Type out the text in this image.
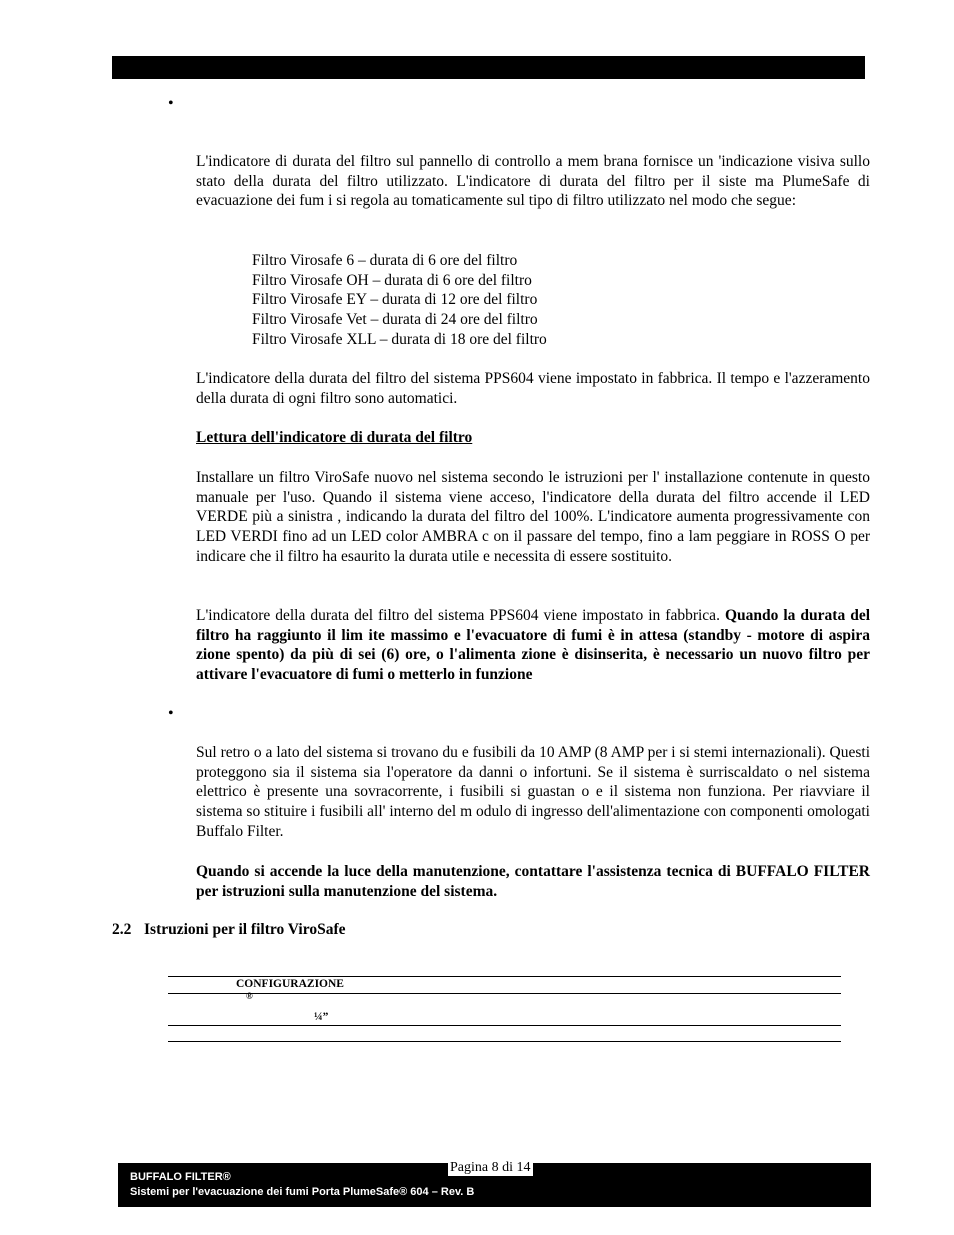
•

L'indicatore di durata del filtro sul pannello di controllo a mem brana fornisce un 'indicazione visiva sullo stato della durata del filtro utilizzato. L'indicatore di durata del filtro per il siste ma PlumeSafe di evacuazione dei fum i si regola au tomaticamente sul tipo di filtro utilizzato nel modo che segue:

Filtro Virosafe 6 – durata di 6 ore del filtro
Filtro Virosafe OH – durata di 6 ore del filtro
Filtro Virosafe EY – durata di 12 ore del filtro
Filtro Virosafe Vet – durata di 24 ore del filtro
Filtro Virosafe XLL – durata di 18 ore del filtro

L'indicatore della durata del filtro del sistema PPS604 viene impostato in fabbrica. Il tempo e l'azzeramento della durata di ogni filtro sono automatici.

Lettura dell'indicatore di durata del filtro

Installare un filtro ViroSafe nuovo nel sistema secondo le istruzioni per l' installazione contenute in questo manuale per l'uso. Quando il sistema viene acceso, l'indicatore della durata del filtro accende il LED VERDE più a sinistra , indicando la durata del filtro del 100%. L'indicatore aumenta progressivamente con LED VERDI fino ad un LED color AMBRA c on il passare del tempo, fino a lam peggiare in ROSS O per indicare che il filtro ha esaurito la durata utile e necessita di essere sostituito.

L'indicatore della durata del filtro del sistema PPS604 viene impostato in fabbrica. Quando la durata del filtro ha raggiunto il lim ite massimo e l'evacuatore di fumi è in attesa (standby - motore di aspira zione spento) da più di sei (6) ore, o l'alimenta zione è disinserita, è necessario un nuovo filtro per attivare l'evacuatore di fumi o metterlo in funzione

•

Sul retro o a lato del sistema si trovano du e fusibili da 10 AMP (8 AMP per i si stemi internazionali). Questi proteggono sia il sistema sia l'operatore da danni o infortuni. Se il sistema è surriscaldato o nel sistema elettrico è presente una sovracorrente, i fusibili si guastan o e il sistema non funziona. Per riavviare il sistema so stituire i fusibili all' interno del m odulo di ingresso dell'alimentazione con componenti omologati Buffalo Filter.

Quando si accende la luce della manutenzione, contattare l'assistenza tecnica di BUFFALO FILTER per istruzioni sulla manutenzione del sistema.

2.2 Istruzioni per il filtro ViroSafe
CONFIGURAZIONE
®
¼”
BUFFALO FILTER®
Sistemi per l'evacuazione dei fumi Porta PlumeSafe® 604 – Rev. B
Pagina 8 di 14
